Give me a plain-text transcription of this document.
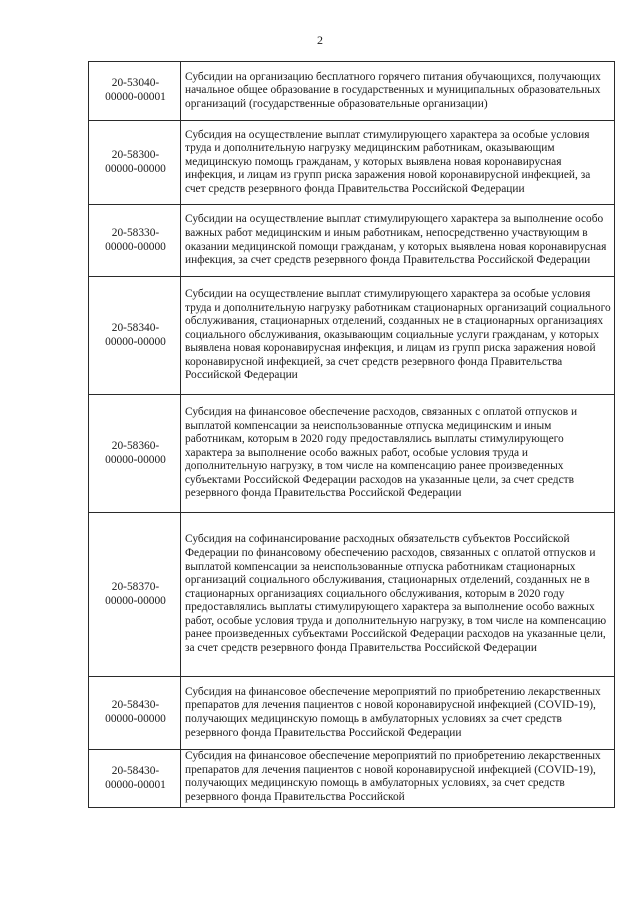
2
20-53040-
00000-00001	Субсидии на организацию бесплатного горячего питания обучающихся, получающих начальное общее образование в государственных и муниципальных образовательных организаций (государственные образовательные организации)
20-58300-
00000-00000	Субсидия на осуществление выплат стимулирующего характера за особые условия труда и дополнительную нагрузку медицинским работникам, оказывающим медицинскую помощь гражданам, у которых выявлена новая коронавирусная инфекция, и лицам из групп риска заражения новой коронавирусной инфекцией, за счет средств резервного фонда Правительства Российской Федерации
20-58330-
00000-00000	Субсидии на осуществление выплат стимулирующего характера за выполнение особо важных работ медицинским и иным работникам, непосредственно участвующим в оказании медицинской помощи гражданам, у которых выявлена новая коронавирусная инфекция, за счет средств резервного фонда Правительства Российской Федерации
20-58340-
00000-00000	Субсидии на осуществление выплат стимулирующего характера за особые условия труда и дополнительную нагрузку работникам стационарных организаций социального обслуживания, стационарных отделений, созданных не в стационарных организациях социального обслуживания, оказывающим социальные услуги гражданам, у которых выявлена новая коронавирусная инфекция, и лицам из групп риска заражения новой коронавирусной инфекцией, за счет средств резервного фонда Правительства Российской Федерации
20-58360-
00000-00000	Субсидия на финансовое обеспечение расходов, связанных с оплатой отпусков и выплатой компенсации за неиспользованные отпуска медицинским и иным работникам, которым в 2020 году предоставлялись выплаты стимулирующего характера за выполнение особо важных работ, особые условия труда и дополнительную нагрузку, в том числе на компенсацию ранее произведенных субъектами Российской Федерации расходов на указанные цели, за счет средств резервного фонда Правительства Российской Федерации
20-58370-
00000-00000	Субсидия на софинансирование расходных обязательств субъектов Российской Федерации по финансовому обеспечению расходов, связанных с оплатой отпусков и выплатой компенсации за неиспользованные отпуска работникам стационарных организаций социального обслуживания, стационарных отделений, созданных не в стационарных организациях социального обслуживания, которым в 2020 году предоставлялись выплаты стимулирующего характера за выполнение особо важных работ, особые условия труда и дополнительную нагрузку, в том числе на компенсацию ранее произведенных субъектами Российской Федерации расходов на указанные цели, за счет средств резервного фонда Правительства Российской Федерации
20-58430-
00000-00000	Субсидия на финансовое обеспечение мероприятий по приобретению лекарственных препаратов для лечения пациентов с новой коронавирусной инфекцией (COVID-19), получающих медицинскую помощь в амбулаторных условиях за счет средств резервного фонда Правительства Российской Федерации
20-58430-
00000-00001	Субсидия на финансовое обеспечение мероприятий по приобретению лекарственных препаратов для лечения пациентов с новой коронавирусной инфекцией (COVID-19), получающих медицинскую помощь в амбулаторных условиях, за счет средств резервного фонда Правительства Российской
